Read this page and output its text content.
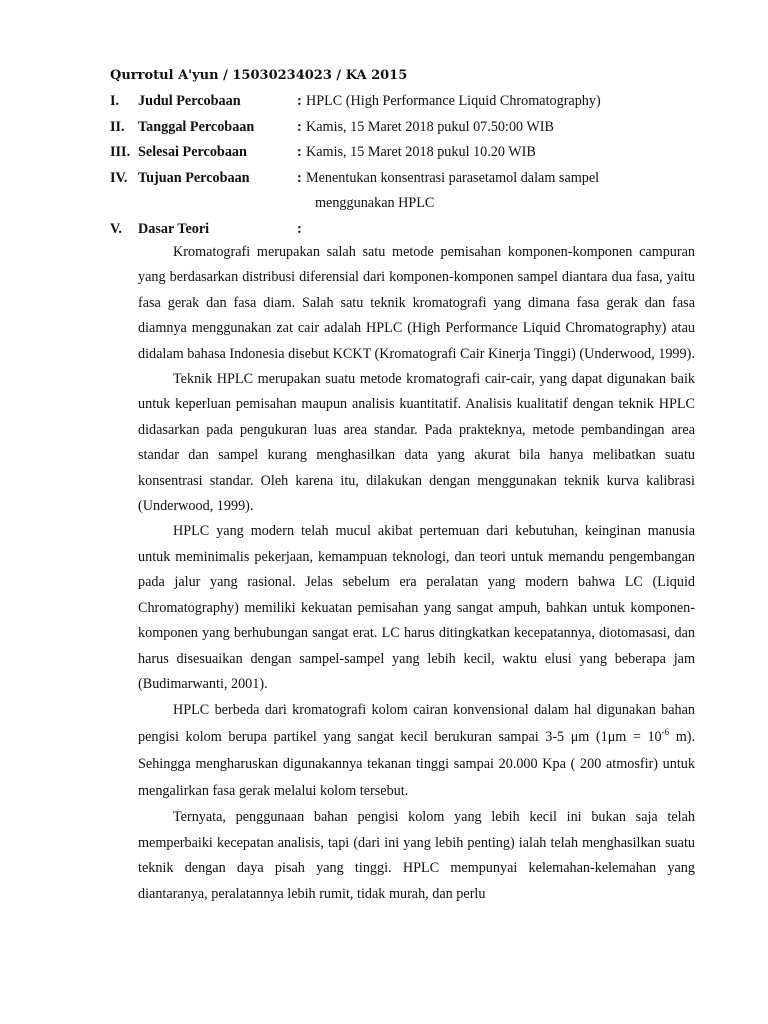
Qurrotul A'yun / 15030234023 / KA 2015
I. Judul Percobaan	: HPLC (High Performance Liquid Chromatography)
II. Tanggal Percobaan	: Kamis, 15 Maret 2018 pukul 07.50:00 WIB
III. Selesai Percobaan	: Kamis, 15 Maret 2018 pukul 10.20 WIB
IV. Tujuan Percobaan	: Menentukan konsentrasi parasetamol dalam sampel
menggunakan HPLC
V. Dasar Teori	:

Kromatografi merupakan salah satu metode pemisahan komponen-komponen campuran yang berdasarkan distribusi diferensial dari komponen-komponen sampel diantara dua fasa, yaitu fasa gerak dan fasa diam. Salah satu teknik kromatografi yang dimana fasa gerak dan fasa diamnya menggunakan zat cair adalah HPLC (High Performance Liquid Chromatography) atau didalam bahasa Indonesia disebut KCKT (Kromatografi Cair Kinerja Tinggi) (Underwood, 1999).

Teknik HPLC merupakan suatu metode kromatografi cair-cair, yang dapat digunakan baik untuk keperluan pemisahan maupun analisis kuantitatif. Analisis kualitatif dengan teknik HPLC didasarkan pada pengukuran luas area standar. Pada prakteknya, metode pembandingan area standar dan sampel kurang menghasilkan data yang akurat bila hanya melibatkan suatu konsentrasi standar. Oleh karena itu, dilakukan dengan menggunakan teknik kurva kalibrasi (Underwood, 1999).

HPLC yang modern telah mucul akibat pertemuan dari kebutuhan, keinginan manusia untuk meminimalis pekerjaan, kemampuan teknologi, dan teori untuk memandu pengembangan pada jalur yang rasional. Jelas sebelum era peralatan yang modern bahwa LC (Liquid Chromatography) memiliki kekuatan pemisahan yang sangat ampuh, bahkan untuk komponen-komponen yang berhubungan sangat erat. LC harus ditingkatkan kecepatannya, diotomasasi, dan harus disesuaikan dengan sampel-sampel yang lebih kecil, waktu elusi yang beberapa jam (Budimarwanti, 2001).

HPLC berbeda dari kromatografi kolom cairan konvensional dalam hal digunakan bahan pengisi kolom berupa partikel yang sangat kecil berukuran sampai 3-5 μm ($1\mu m = 10^{-6}$ m). Sehingga mengharuskan digunakannya tekanan tinggi sampai 20.000 Kpa ( 200 atmosfir) untuk mengalirkan fasa gerak melalui kolom tersebut.

Ternyata, penggunaan bahan pengisi kolom yang lebih kecil ini bukan saja telah memperbaiki kecepatan analisis, tapi (dari ini yang lebih penting) ialah telah menghasilkan suatu teknik dengan daya pisah yang tinggi. HPLC mempunyai kelemahan-kelemahan yang diantaranya, peralatannya lebih rumit, tidak murah, dan perlu
